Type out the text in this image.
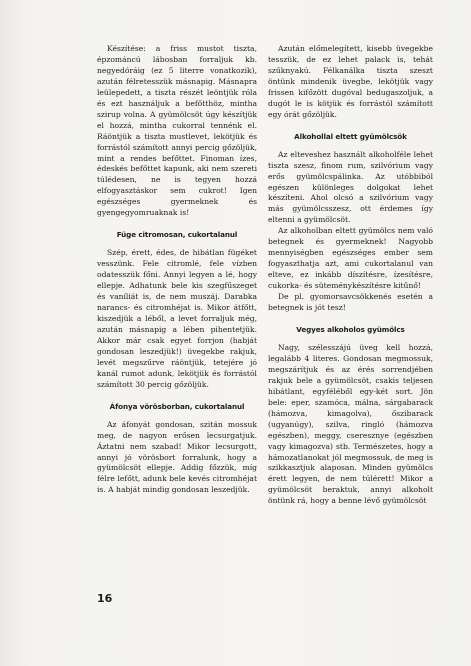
Készítése: a friss mustot tiszta, épzománcú lábosban forraljuk kb. negyedóráig (ez 5 literre vonatkozik), azután félretesszük másnapig. Másnapra leülepedett, a tiszta részét leöntjük róla és ezt használjuk a befőtthöz, mintha szirup volna. A gyümölcsöt úgy készítjük el hozzá, mintha cukorral tennénk el. Ráöntjük a tiszta mustlevet, lekötjük és forrástól számított annyi percig gőzöljük, mint a rendes befőttet. Finoman ízes, édeskés befőttet kapunk, aki nem szereti túlédesen, ne is tegyen hozzá elfogyasztáskor sem cukrot! Igen egészséges gyermeknek és gyengegyomruaknak is!

Füge citromosan, cukortalanul

Szép, érett, édes, de hibátlan fügéket vesszünk. Fele citromlé, fele vízben odatesszük főni. Annyi legyen a lé, hogy ellepje. Adhatunk bele kis szegfűszeget és vaníliát is, de nem muszáj. Darabka narancs- és citromhéjat is. Mikor átfőtt, kiszedjük a léből, a levet forraljuk még, azután másnapig a lében pihentetjük. Akkor már csak egyet forrjon (habját gondosan leszedjük!) üvegekbe rakjuk, levét megszűrve ráöntjük, tetejére jó kanál rumot adunk, lekötjük és forrástól számított 30 percig gőzöljük.

Áfonya vörösborban, cukortalanul

Az áfonyát gondosan, szitán mossuk meg, de nagyon erősen lecsurgatjuk. Áztatni nem szabad! Mikor lecsurgott, annyi jó vörösbort forralunk, hogy a gyümölcsöt ellepje. Addig főzzük, míg félre lefőtt, adunk bele kevés citromhéjat is. A habját mindig gondosan leszedjük.

Azután előmelegített, kisebb üvegekbe tesszük, de ez lehet palack is, tehát szűknyakú. Félkanálka tiszta szeszt öntünk mindenik üvegbe, lekötjük vagy frissen kifőzött dugóval bedugaszoljuk, a dugót le is kötjük és forrástól számított egy órát gőzöljük.

Alkohollal eltett gyümölcsök

Az elteveshez használt alkoholféle lehet tiszta szesz, finom rum, szilvórium vagy erős gyümölcspálinka. Az utóbbiból egészen különleges dolgokat lehet készíteni. Ahol olcsó a szilvórium vagy más gyümölcsszesz, ott érdemes így eltenni a gyümölcsöt.

Az alkoholban eltett gyümölcs nem való betegnek és gyermeknek! Nagyobb mennyiségben egészséges ember sem fogyaszthatja azt, ami cukortalanul van elteve, ez inkább díszítésre, ízesítésre, cukorka- és süteménykészítésre kitűnő!

De pl. gyomorsavcsökkenés esetén a betegnek is jót tesz!

Vegyes alkoholos gyümölcs

Nagy, szélesszájú üveg kell hozzá, legalább 4 literes. Gondosan megmossuk, megszárítjuk és az érés sorrendjében rakjuk bele a gyümölcsöt, csakis teljesen hibátlant, egyféléből egy-két sort. Jön bele: eper, szamóca, málna, sárgabarack (hámozva, kimagolva), őszibarack (ugyanúgy), szilva, ringló (hámozva egészben), meggy, cseresznye (egészben vagy kimagozva) stb. Természetes, hogy a hámozatlanokat jól megmossuk, de meg is szikkasztjuk alaposan. Minden gyümölcs érett legyen, de nem túlérett! Mikor a gyümölcsöt beraktuk, annyi alkoholt öntünk rá, hogy a benne lévő gyümölcsöt

16
